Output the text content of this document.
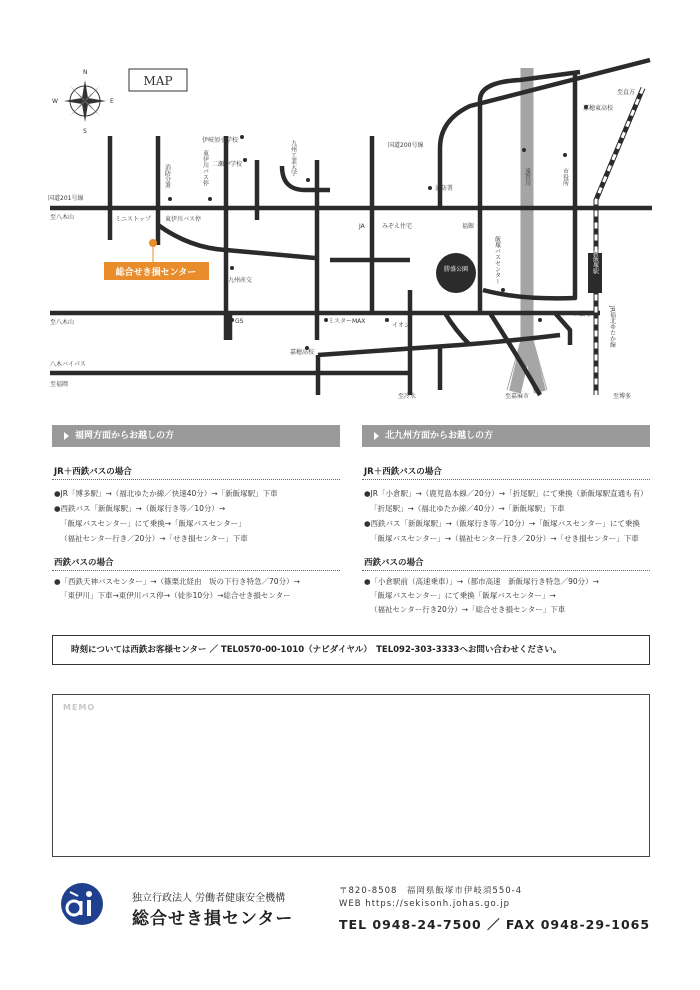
N
S
E
W
MAP
新飯塚駅
勝盛公園
総合せき損センター
国道201号線
国道200号線
至八木山
至八木山
八木バイパス
至福岡
ミニストップ 東伊川バス停
伊岐須小学校
二瀬中学校
消防署
嘉穂東高校
至直方
JA	みぞえ住宅	福銀
九州産交
GS	ミスターMAX
イオン
ハローワーク飯塚
嘉穂高校
至冷水	至嘉麻市	至博多
消防分署	東伊川バス停	九州工業大学
遠賀川	市役所
飯塚バスセンター
JR福北ゆたか線
福岡方面からお越しの方
JR＋西鉄バスの場合
●JR「博多駅」→（福北ゆたか線／快速40分）→「新飯塚駅」下車
●西鉄バス「新飯塚駅」→（飯塚行き等／10分）→
「飯塚バスセンター」にて乗換→「飯塚バスセンター」
（福祉センター行き／20分）→「せき損センター」下車
西鉄バスの場合
●「西鉄天神バスセンター」→（篠栗北経由　坂の下行き特急／70分）→
「東伊川」下車→東伊川バス停→（徒歩10分）→総合せき損センター
北九州方面からお越しの方
JR＋西鉄バスの場合
●JR「小倉駅」→（鹿児島本線／20分）→「折尾駅」にて乗換（新飯塚駅直通も有）
「折尾駅」→（福北ゆたか線／40分）→「新飯塚駅」下車
●西鉄バス「新飯塚駅」→（飯塚行き等／10分）→「飯塚バスセンター」にて乗換
「飯塚バスセンター」→（福祉センター行き／20分）→「せき損センター」下車
西鉄バスの場合
●「小倉駅前（高速乗車）」→（都市高速　新飯塚行き特急／90分）→
「飯塚バスセンター」にて乗換「飯塚バスセンター」→
（福祉センター行き20分）→「総合せき損センター」下車
時刻については西鉄お客様センター ／ TEL0570-00-1010（ナビダイヤル）　TEL092-303-3333へお問い合わせください。
MEMO
独立行政法人 労働者健康安全機構
総合せき損センター
〒820-8508　福岡県飯塚市伊岐須550-4
WEB https://sekisonh.johas.go.jp
TEL 0948-24-7500 ／ FAX 0948-29-1065
